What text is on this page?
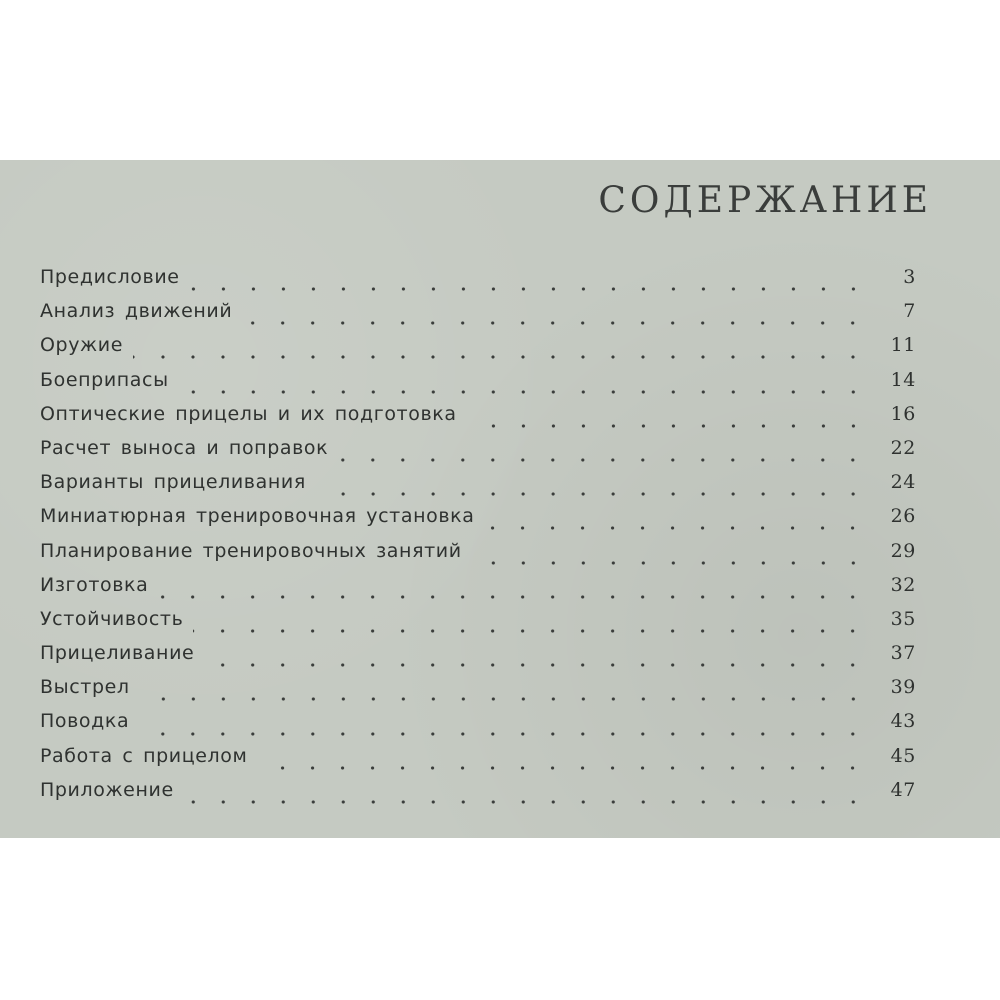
СОДЕРЖАНИЕ
Предисловие	3
Анализ движений	7
Оружие	11
Боеприпасы	14
Оптические прицелы и их подготовка	16
Расчет выноса и поправок	22
Варианты прицеливания	24
Миниатюрная тренировочная установка	26
Планирование тренировочных занятий	29
Изготовка	32
Устойчивость	35
Прицеливание	37
Выстрел	39
Поводка	43
Работа с прицелом	45
Приложение	47
